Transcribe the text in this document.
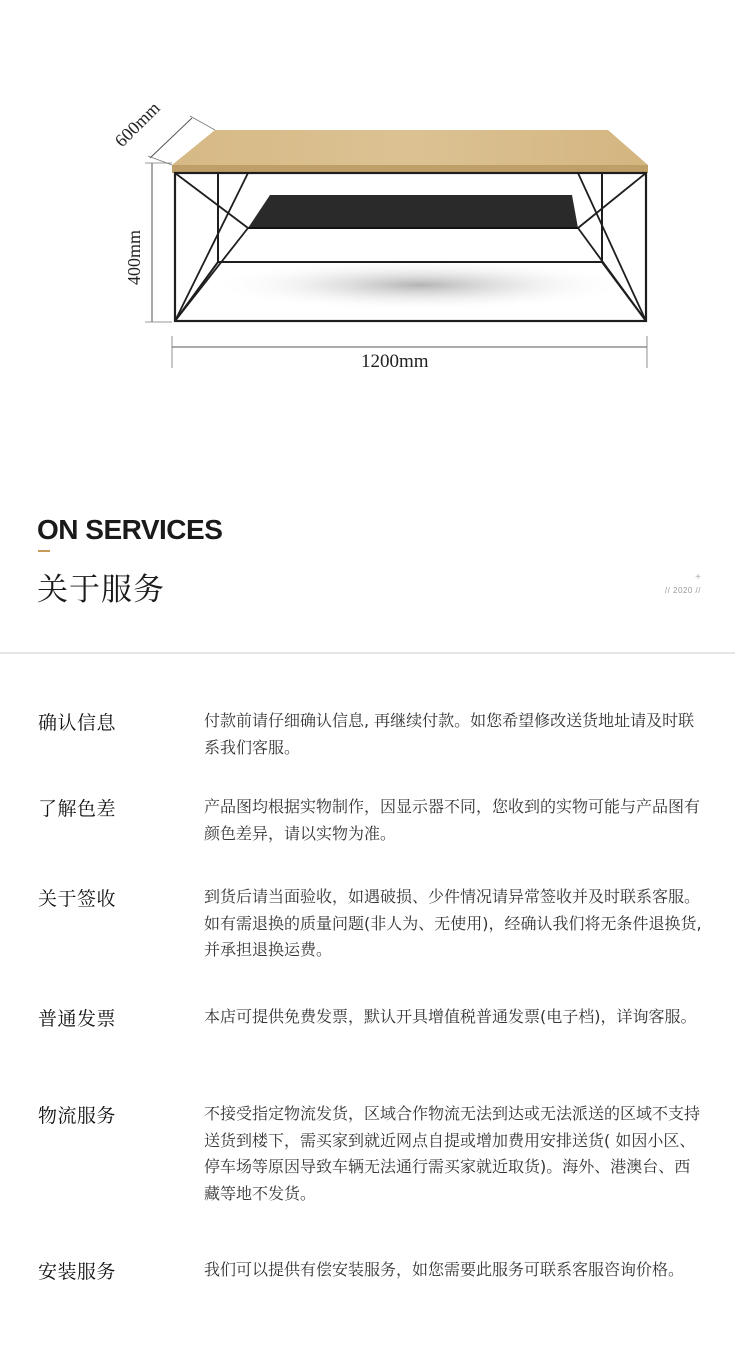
600mm
400mm
1200mm
ON SERVICES
关于服务	+
// 2020 //
确认信息	付款前请仔细确认信息, 再继续付款。如您希望修改送货地址请及时联系我们客服。
了解色差	产品图均根据实物制作，因显示器不同，您收到的实物可能与产品图有颜色差异，请以实物为准。
关于签收	到货后请当面验收，如遇破损、少件情况请异常签收并及时联系客服。如有需退换的质量问题(非人为、无使用)，经确认我们将无条件退换货,并承担退换运费。
普通发票	本店可提供免费发票，默认开具增值税普通发票(电子档)，详询客服。
物流服务	不接受指定物流发货，区域合作物流无法到达或无法派送的区域不支持送货到楼下，需买家到就近网点自提或增加费用安排送货( 如因小区、 停车场等原因导致车辆无法通行需买家就近取货)。海外、港澳台、西藏等地不发货。
安装服务	我们可以提供有偿安装服务，如您需要此服务可联系客服咨询价格。
